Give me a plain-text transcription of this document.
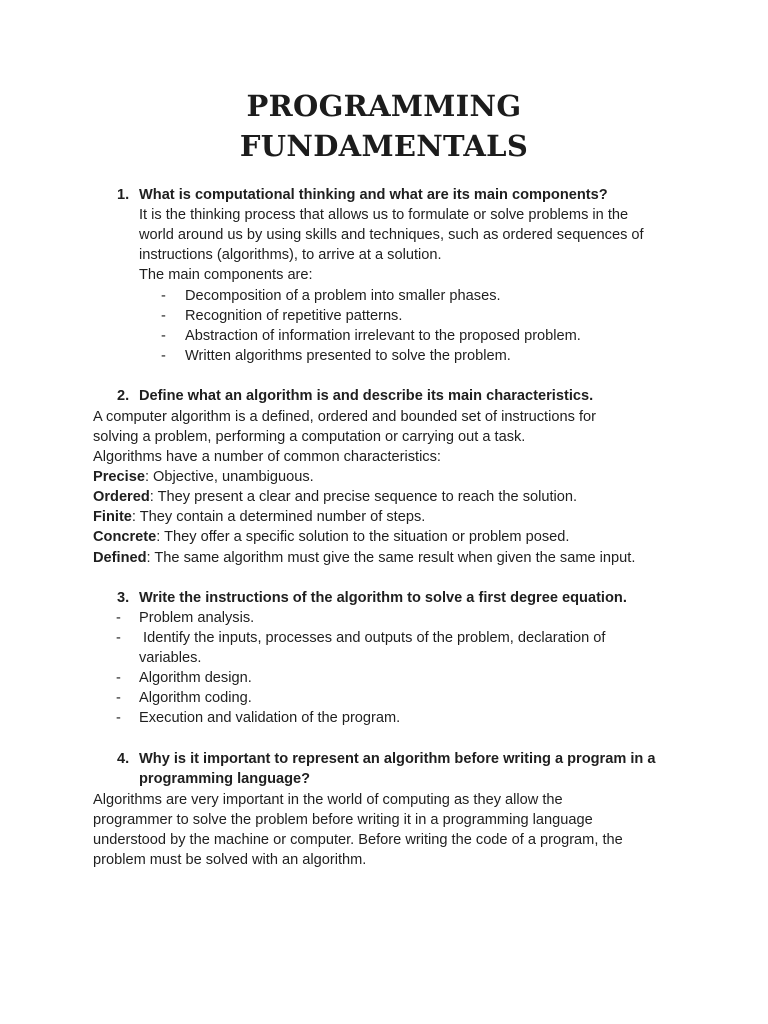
PROGRAMMING
FUNDAMENTALS
1. What is computational thinking and what are its main components?
It is the thinking process that allows us to formulate or solve problems in the
world around us by using skills and techniques, such as ordered sequences of
instructions (algorithms), to arrive at a solution.
The main components are:
- Decomposition of a problem into smaller phases.
- Recognition of repetitive patterns.
- Abstraction of information irrelevant to the proposed problem.
- Written algorithms presented to solve the problem.
2. Define what an algorithm is and describe its main characteristics.
A computer algorithm is a defined, ordered and bounded set of instructions for
solving a problem, performing a computation or carrying out a task.
Algorithms have a number of common characteristics:
Precise: Objective, unambiguous.
Ordered: They present a clear and precise sequence to reach the solution.
Finite: They contain a determined number of steps.
Concrete: They offer a specific solution to the situation or problem posed.
Defined: The same algorithm must give the same result when given the same input.
3. Write the instructions of the algorithm to solve a first degree equation.
- Problem analysis.
- Identify the inputs, processes and outputs of the problem, declaration of
variables.
- Algorithm design.
- Algorithm coding.
- Execution and validation of the program.
4. Why is it important to represent an algorithm before writing a program in a
programming language?
Algorithms are very important in the world of computing as they allow the
programmer to solve the problem before writing it in a programming language
understood by the machine or computer. Before writing the code of a program, the
problem must be solved with an algorithm.
